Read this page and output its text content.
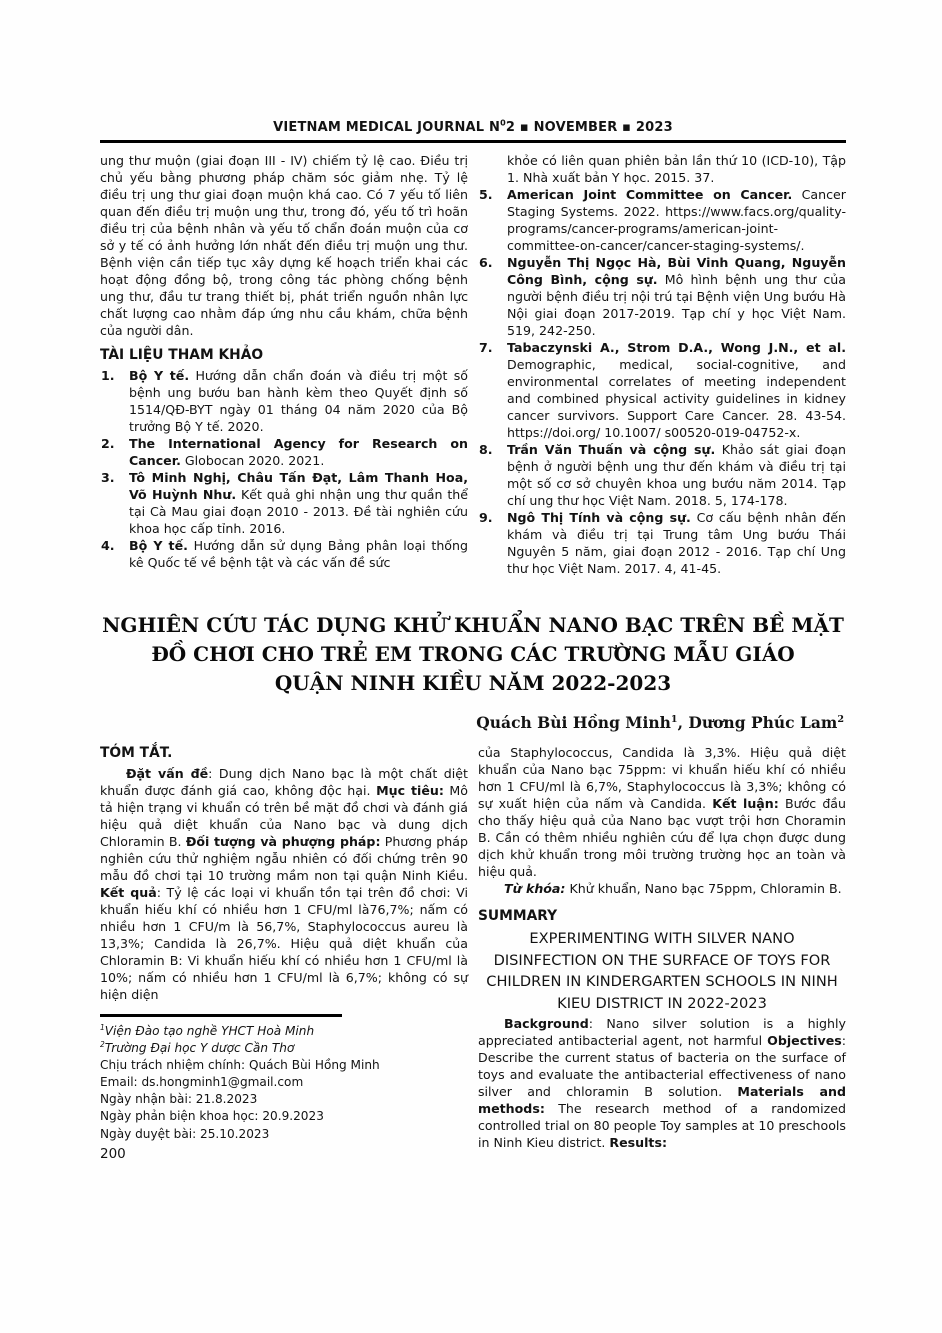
VIETNAM MEDICAL JOURNAL $N^02$ ▪ NOVEMBER ▪ 2023

ung thư muộn (giai đoạn III - IV) chiếm tỷ lệ cao. Điều trị chủ yếu bằng phương pháp chăm sóc giảm nhẹ. Tỷ lệ điều trị ung thư giai đoạn muộn khá cao. Có 7 yếu tố liên quan đến điều trị muộn ung thư, trong đó, yếu tố trì hoãn điều trị của bệnh nhân và yếu tố chẩn đoán muộn của cơ sở y tế có ảnh hưởng lớn nhất đến điều trị muộn ung thư. Bệnh viện cần tiếp tục xây dựng kế hoạch triển khai các hoạt động đồng bộ, trong công tác phòng chống bệnh ung thư, đầu tư trang thiết bị, phát triển nguồn nhân lực chất lượng cao nhằm đáp ứng nhu cầu khám, chữa bệnh của người dân.

TÀI LIỆU THAM KHẢO
1. Bộ Y tế. Hướng dẫn chẩn đoán và điều trị một số bệnh ung bướu ban hành kèm theo Quyết định số 1514/QĐ-BYT ngày 01 tháng 04 năm 2020 của Bộ trưởng Bộ Y tế. 2020.
2. The International Agency for Research on Cancer. Globocan 2020. 2021.
3. Tô Minh Nghị, Châu Tấn Đạt, Lâm Thanh Hoa, Võ Huỳnh Như. Kết quả ghi nhận ung thư quần thể tại Cà Mau giai đoạn 2010 - 2013. Đề tài nghiên cứu khoa học cấp tỉnh. 2016.
4. Bộ Y tế. Hướng dẫn sử dụng Bảng phân loại thống kê Quốc tế về bệnh tật và các vấn đề sức

khỏe có liên quan phiên bản lần thứ 10 (ICD-10), Tập 1. Nhà xuất bản Y học. 2015. 37.

5. American Joint Committee on Cancer. Cancer Staging Systems. 2022. https://www.facs.org/quality-programs/cancer-programs/american-joint-committee-on-cancer/cancer-staging-systems/.
6. Nguyễn Thị Ngọc Hà, Bùi Vinh Quang, Nguyễn Công Bình, cộng sự. Mô hình bệnh ung thư của người bệnh điều trị nội trú tại Bệnh viện Ung bướu Hà Nội giai đoạn 2017-2019. Tạp chí y học Việt Nam. 519, 242-250.
7. Tabaczynski A., Strom D.A., Wong J.N., et al. Demographic, medical, social-cognitive, and environmental correlates of meeting independent and combined physical activity guidelines in kidney cancer survivors. Support Care Cancer. 28. 43-54. https://doi.org/ 10.1007/ s00520-019-04752-x.
8. Trần Văn Thuấn và cộng sự. Khảo sát giai đoạn bệnh ở người bệnh ung thư đến khám và điều trị tại một số cơ sở chuyên khoa ung bướu năm 2014. Tạp chí ung thư học Việt Nam. 2018. 5, 174-178.
9. Ngô Thị Tính và cộng sự. Cơ cấu bệnh nhân đến khám và điều trị tại Trung tâm Ung bướu Thái Nguyên 5 năm, giai đoạn 2012 - 2016. Tạp chí Ung thư học Việt Nam. 2017. 4, 41-45.
NGHIÊN CỨU TÁC DỤNG KHỬ KHUẨN NANO BẠC TRÊN BỀ MẶT
ĐỒ CHƠI CHO TRẺ EM TRONG CÁC TRƯỜNG MẪU GIÁO
QUẬN NINH KIỀU NĂM 2022-2023
Quách Bùi Hồng Minh$^1$, Dương Phúc Lam$^2$
TÓM TẮT.

Đặt vấn đề: Dung dịch Nano bạc là một chất diệt khuẩn được đánh giá cao, không độc hại. Mục tiêu: Mô tả hiện trạng vi khuẩn có trên bề mặt đồ chơi và đánh giá hiệu quả diệt khuẩn của Nano bạc và dung dịch Chloramin B. Đối tượng và phượng pháp: Phương pháp nghiên cứu thử nghiệm ngẫu nhiên có đối chứng trên 90 mẫu đồ chơi tại 10 trường mầm non tại quận Ninh Kiều. Kết quả: Tỷ lệ các loại vi khuẩn tồn tại trên đồ chơi: Vi khuẩn hiếu khí có nhiều hơn 1 CFU/ml là76,7%; nấm có nhiều hơn 1 CFU/m là 56,7%, Staphylococcus aureu là 13,3%; Candida là 26,7%. Hiệu quả diệt khuẩn của Chloramin B: Vi khuẩn hiếu khí có nhiều hơn 1 CFU/ml là 10%; nấm có nhiều hơn 1 CFU/ml là 6,7%; không có sự hiện diện

$^1$Viện Đào tạo nghề YHCT Hoà Minh
$^2$Trường Đại học Y dược Cần Thơ
Chịu trách nhiệm chính: Quách Bùi Hồng Minh
Email: ds.hongminh1@gmail.com
Ngày nhận bài: 21.8.2023
Ngày phản biện khoa học: 20.9.2023
Ngày duyệt bài: 25.10.2023

của Staphylococcus, Candida là 3,3%. Hiệu quả diệt khuẩn của Nano bạc 75ppm: vi khuẩn hiếu khí có nhiều hơn 1 CFU/ml là 6,7%, Staphylococcus là 3,3%; không có sự xuất hiện của nấm và Candida. Kết luận: Bước đầu cho thấy hiệu quả của Nano bạc vượt trội hơn Choramin B. Cần có thêm nhiều nghiên cứu để lựa chọn được dung dịch khử khuẩn trong môi trường trường học an toàn và hiệu quả.

Từ khóa: Khử khuẩn, Nano bạc 75ppm, Chloramin B.

SUMMARY
EXPERIMENTING WITH SILVER NANO DISINFECTION ON THE SURFACE OF TOYS FOR CHILDREN IN KINDERGARTEN SCHOOLS IN NINH KIEU DISTRICT IN 2022-2023

Background: Nano silver solution is a highly appreciated antibacterial agent, not harmful Objectives: Describe the current status of bacteria on the surface of toys and evaluate the antibacterial effectiveness of nano silver and chloramin B solution. Materials and methods: The research method of a randomized controlled trial on 80 people Toy samples at 10 preschools in Ninh Kieu district. Results:

200
